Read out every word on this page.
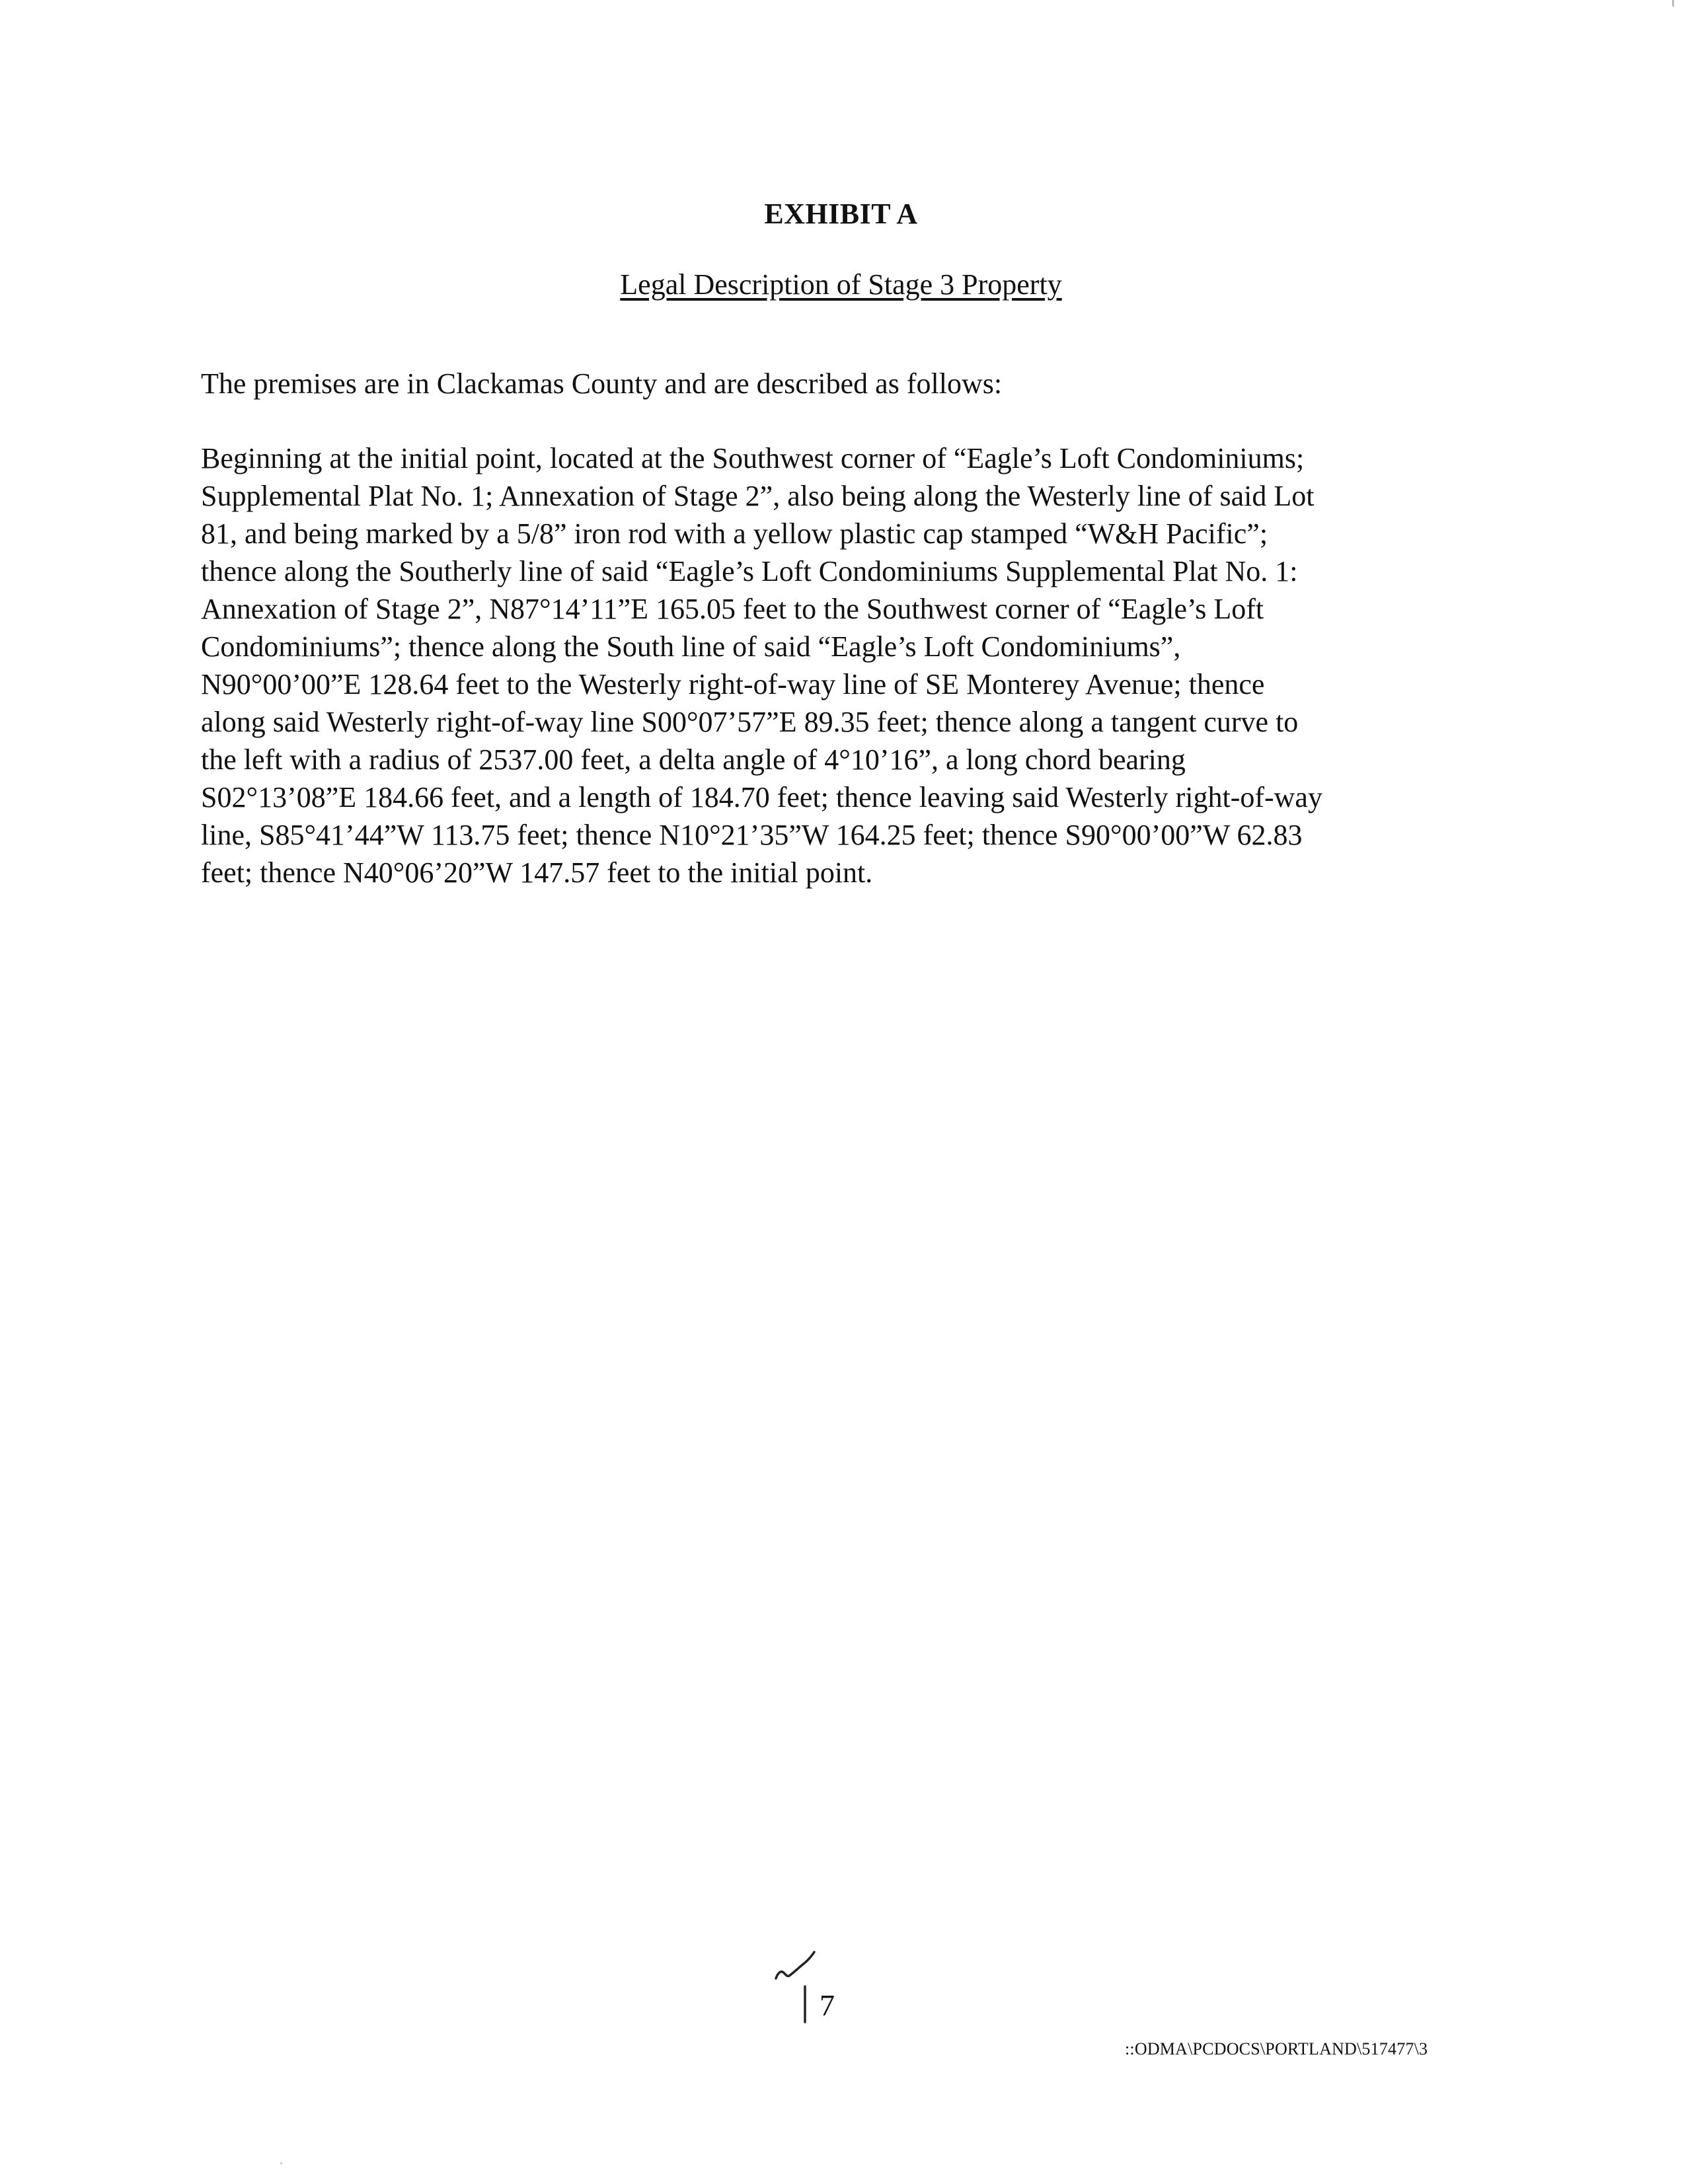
EXHIBIT A
Legal Description of Stage 3 Property
The premises are in Clackamas County and are described as follows:
Beginning at the initial point, located at the Southwest corner of “Eagle’s Loft Condominiums;
Supplemental Plat No. 1; Annexation of Stage 2”, also being along the Westerly line of said Lot
81, and being marked by a 5/8” iron rod with a yellow plastic cap stamped “W&H Pacific”;
thence along the Southerly line of said “Eagle’s Loft Condominiums Supplemental Plat No. 1:
Annexation of Stage 2”, N87°14’11”E 165.05 feet to the Southwest corner of “Eagle’s Loft
Condominiums”; thence along the South line of said “Eagle’s Loft Condominiums”,
N90°00’00”E 128.64 feet to the Westerly right-of-way line of SE Monterey Avenue; thence
along said Westerly right-of-way line S00°07’57”E 89.35 feet; thence along a tangent curve to
the left with a radius of 2537.00 feet, a delta angle of 4°10’16”, a long chord bearing
S02°13’08”E 184.66 feet, and a length of 184.70 feet; thence leaving said Westerly right-of-way
line, S85°41’44”W 113.75 feet; thence N10°21’35”W 164.25 feet; thence S90°00’00”W 62.83
feet; thence N40°06’20”W 147.57 feet to the initial point.
7
::ODMA\PCDOCS\PORTLAND\517477\3
